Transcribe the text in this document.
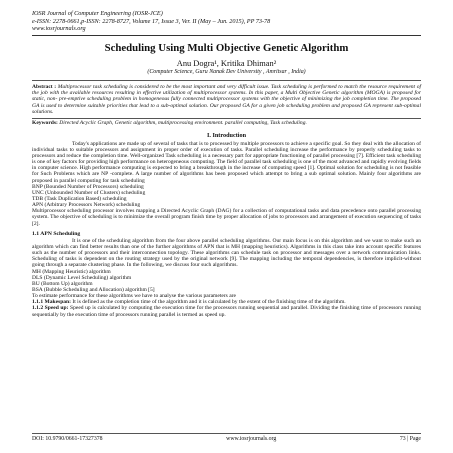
IOSR Journal of Computer Engineering (IOSR-JCE)
e-ISSN: 2278-0661,p-ISSN: 2278-8727, Volume 17, Issue 3, Ver. II (May – Jun. 2015), PP 73-78
www.iosrjournals.org
Scheduling Using Multi Objective Genetic Algorithm
Anu Dogra¹, Kritika Dhiman²
(Computer Science, Guru Nanak Dev University , Amritsar , India)
Abstract : Multiprocessor task scheduling is considered to be the most important and very difficult issue. Task scheduling is performed to match the resource requirement of the job with the available resources resulting in effective utilization of multiprocessor systems. In this paper, a Multi Objective Genetic algorithm (MOGA) is proposed for static, non- pre-emptive scheduling problem in homogeneous fully connected multiprocessor systems with the objective of minimizing the job completion time. The proposed GA is used to determine suitable priorities that lead to a sub-optimal solution. Our proposed GA for a given job scheduling problem and proposed GA represent sub-optimal solutions.
Keywords: Directed Acyclic Graph, Genetic algorithm, multiprocessing environment. parallel computing, Task scheduling.
I. Introduction

Today's applications are made up of several of tasks that is to processed by multiple processors to achieve a specific goal. So they deal with the allocation of individual tasks to suitable processors and assignment in proper order of execution of tasks. Parallel scheduling increase the performance by properly scheduling tasks to processors and reduce the completion time. Well-organized Task scheduling is a necessary part for appropriate functioning of parallel processing [7]. Efficient task scheduling is one of key factors for providing high performance on heterogeneous computing. The field of parallel task scheduling is one of the most advanced and rapidly evolving fields in computer science. High performance computing is expected to bring a breakthrough in the increase of computing speed [1]. Optimal solution for scheduling is not feasible for Such Problems which are NP -complete. A large number of algorithms has been proposed which attempt to bring a sub optimal solution. Mainly four algorithms are proposed in parallel computing for task scheduling

BNP (Bounded Number of Processors) scheduling
UNC (Unbounded Number of Clusters) scheduling
TDB (Task Duplication Based) scheduling
APN (Arbitrary Processors Network) scheduling

Multiprocessor scheduling processor involves mapping a Directed Acyclic Graph (DAG) for a collection of computational tasks and data precedence onto parallel processing system. The objective of scheduling is to minimize the overall program finish time by proper allocation of jobs to processors and arrangement of execution sequencing of tasks [2].

1.1 APN Scheduling

It is one of the scheduling algorithm from the four above parallel scheduling algorithms. Our main focus is on this algorithm and we want to make such an algorithm which can find better results than one of the further algorithms of APN that is MH (mapping heuristics). Algorithms in this class take into account specific features such as the number of processors and their interconnection topology. These algorithms can schedule task on processor and messages over a network communication links. Scheduling of tasks is dependent on the routing strategy used by the original network [9]. The mapping including the temporal dependencies, is therefore implicit-without going through a separate clustering phase. In the following, we discuss four such algorithms.

MH (Mapping Heuristic) algorithm
DLS (Dynamic Level Scheduling) algorithm
BU (Bottom Up) algorithm
BSA (Bubble Scheduling and Allocation) algorithm [5]

To estimate performance for these algorithms we have to analyse the various parameters are

1.1.1 Makespan: It is defined as the completion time of the algorithm and it is calculated by the extent of the finishing time of the algorithm.

1.1.2 Speed up: Speed up is calculated by computing the execution time for the processors running sequential and parallel. Dividing the finishing time of processors running sequentially by the execution time of processors running parallel is termed as speed up.

DOI: 10.9790/0661-17327378	www.iosrjournals.org	73 | Page
